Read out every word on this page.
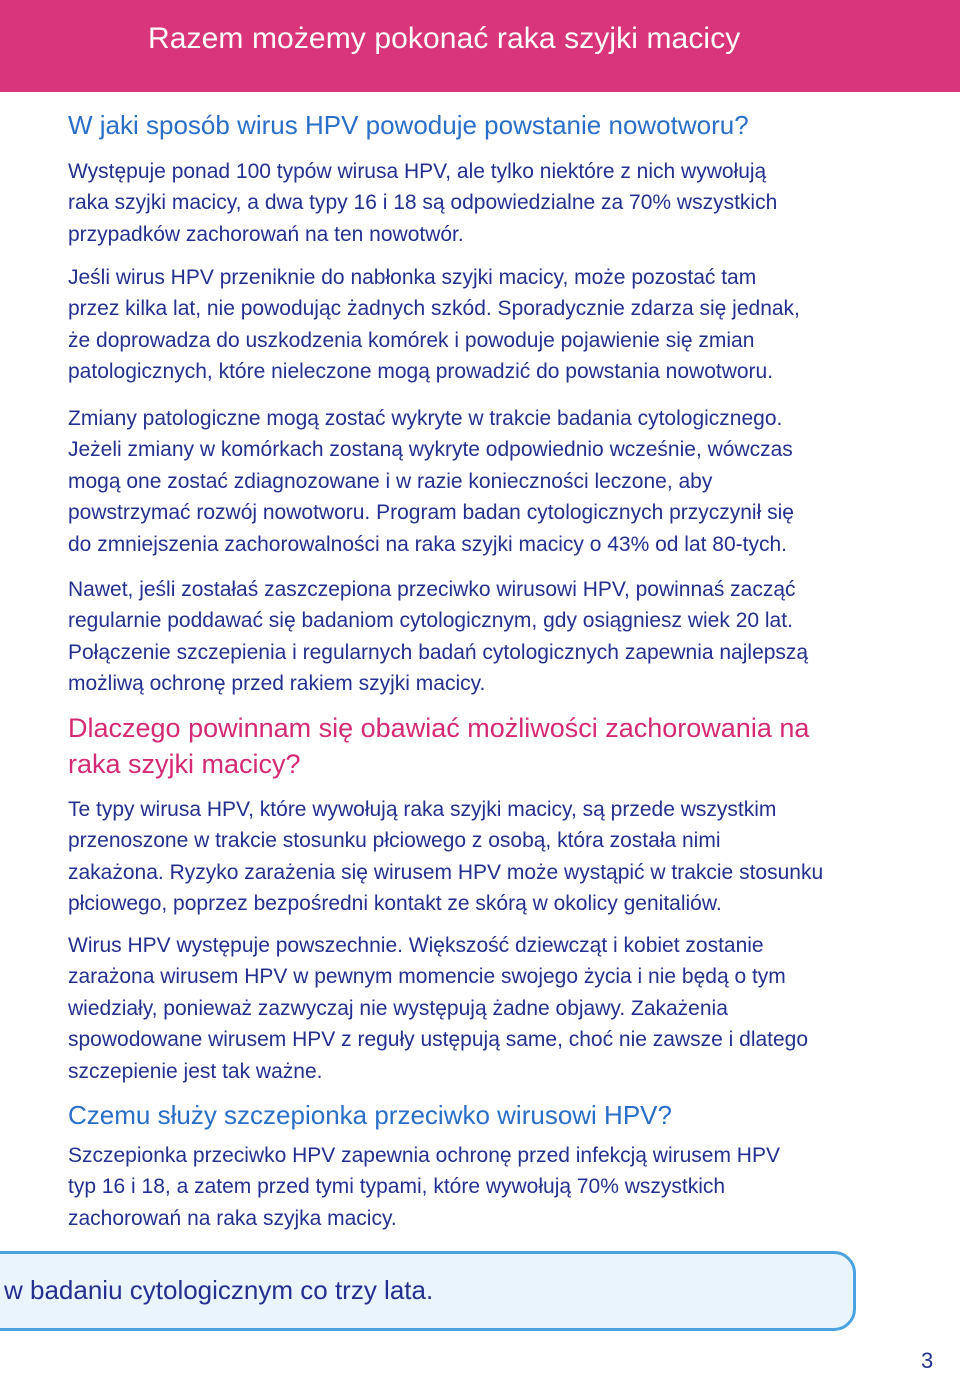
Razem możemy pokonać raka szyjki macicy
W jaki sposób wirus HPV powoduje powstanie nowotworu?

Występuje ponad 100 typów wirusa HPV, ale tylko niektóre z nich wywołują
raka szyjki macicy, a dwa typy 16 i 18 są odpowiedzialne za 70% wszystkich
przypadków zachorowań na ten nowotwór.

Jeśli wirus HPV przeniknie do nabłonka szyjki macicy, może pozostać tam
przez kilka lat, nie powodując żadnych szkód. Sporadycznie zdarza się jednak,
że doprowadza do uszkodzenia komórek i powoduje pojawienie się zmian
patologicznych, które nieleczone mogą prowadzić do powstania nowotworu.

Zmiany patologiczne mogą zostać wykryte w trakcie badania cytologicznego.
Jeżeli zmiany w komórkach zostaną wykryte odpowiednio wcześnie, wówczas
mogą one zostać zdiagnozowane i w razie konieczności leczone, aby
powstrzymać rozwój nowotworu. Program badan cytologicznych przyczynił się
do zmniejszenia zachorowalności na raka szyjki macicy o 43% od lat 80-tych.

Nawet, jeśli zostałaś zaszczepiona przeciwko wirusowi HPV, powinnaś zacząć
regularnie poddawać się badaniom cytologicznym, gdy osiągniesz wiek 20 lat.
Połączenie szczepienia i regularnych badań cytologicznych zapewnia najlepszą
możliwą ochronę przed rakiem szyjki macicy.

Dlaczego powinnam się obawiać możliwości zachorowania na
raka szyjki macicy?

Te typy wirusa HPV, które wywołują raka szyjki macicy, są przede wszystkim
przenoszone w trakcie stosunku płciowego z osobą, która została nimi
zakażona. Ryzyko zarażenia się wirusem HPV może wystąpić w trakcie stosunku
płciowego, poprzez bezpośredni kontakt ze skórą w okolicy genitaliów.

Wirus HPV występuje powszechnie. Większość dziewcząt i kobiet zostanie
zarażona wirusem HPV w pewnym momencie swojego życia i nie będą o tym
wiedziały, ponieważ zazwyczaj nie występują żadne objawy. Zakażenia
spowodowane wirusem HPV z reguły ustępują same, choć nie zawsze i dlatego
szczepienie jest tak ważne.

Czemu służy szczepionka przeciwko wirusowi HPV?

Szczepionka przeciwko HPV zapewnia ochronę przed infekcją wirusem HPV
typ 16 i 18, a zatem przed tymi typami, które wywołują 70% wszystkich
zachorowań na raka szyjka macicy.

w badaniu cytologicznym co trzy lata.
3
